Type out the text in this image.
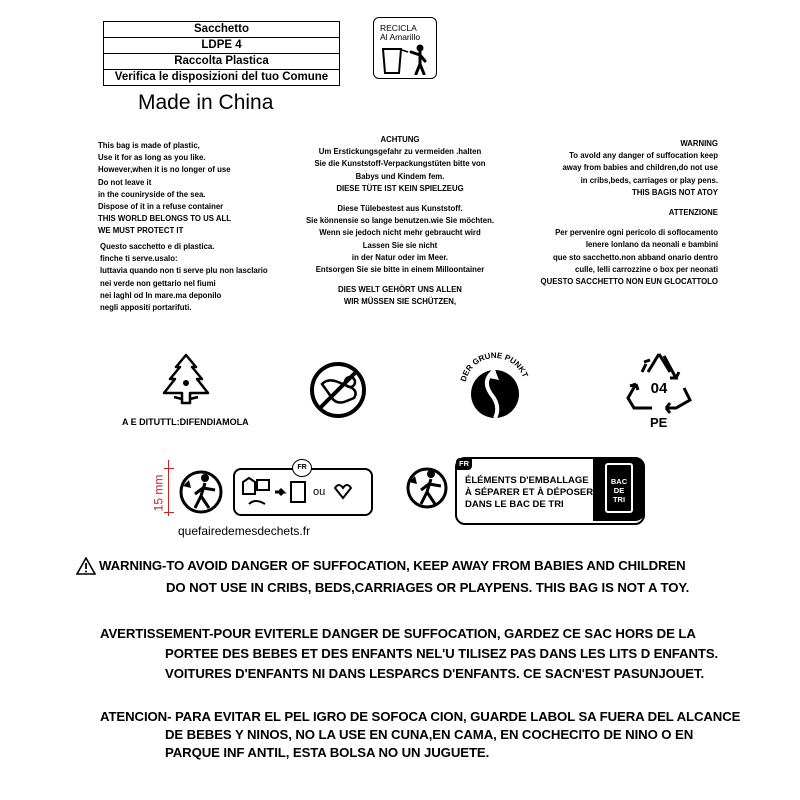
Sacchetto
LDPE 4
Raccolta Plastica
Verifica le disposizioni del tuo Comune
RECICLA
Al Amarillo
Made in China
This bag is made of plastic,
Use it for as long as you like.
However,when it is no longer of use
Do not leave it
in the couniryside of the sea.
Dispose of it in a refuse container
THIS WORLD BELONGS TO US ALL
WE MUST PROTECT IT
Questo sacchetto e di plastica.
finche ti serve.usalo:
luttavia quando non ti serve plu non lasclario
nei verde non gettario nel fiumi
nei laghl od In mare.ma deponilo
negli appositi portarifuti.
ACHTUNG
Um Erstickungsgefahr zu vermeiden .halten
Sie die Kunststoff-Verpackungstüten bitte von
Babys und Kindem fem.
DIESE TÜTE IST KEIN SPIELZEUG
Diese Tülebestest aus Kunststoff.
Sie könnensie so lange benutzen.wie Sie möchten.
Wenn sie jedoch nicht mehr gebraucht wird
Lassen Sie sie nicht
in der Natur oder im Meer.
Entsorgen Sie sie bitte in einem Milloontainer
DIES WELT GEHÖRT UNS ALLEN
WIR MÜSSEN SIE SCHÜTZEN,
WARNING
To avold any danger of suffocation keep
away from babies and children,do not use
in cribs,beds, carriages or play pens.
THIS BAGIS NOT ATOY
ATTENZIONE
Per pervenire ogni pericolo di soflocamento
lenere lonlano da neonali e bambini
que sto sacchetto.non abband onario dentro
culle, lelli carrozzine o box per neonati
QUESTO SACCHETTO NON EUN GLOCATTOLO
A E DITUTTL:DIFENDIAMOLA
DER GRUNE PUNKT
04
PE
15 mm	ou
FR
quefairedemesdechets.fr
FR
ÉLÉMENTS D'EMBALLAGE
À SÉPARER ET À DÉPOSER
DANS LE BAC DE TRI
BAC
DE
TRI
WARNING-TO AVOID DANGER OF SUFFOCATION, KEEP AWAY FROM BABIES AND CHILDREN
DO NOT USE IN CRIBS, BEDS,CARRIAGES OR PLAYPENS. THIS BAG IS NOT A TOY.
AVERTISSEMENT-POUR EVITERLE DANGER DE SUFFOCATION, GARDEZ CE SAC HORS DE LA
PORTEE DES BEBES ET DES ENFANTS NEL'U TILISEZ PAS DANS LES LITS D ENFANTS.
VOITURES D'ENFANTS NI DANS LESPARCS D'ENFANTS. CE SACN'EST PASUNJOUET.
ATENCION- PARA EVITAR EL PEL IGRO DE SOFOCA CION, GUARDE LABOL SA FUERA DEL ALCANCE
DE BEBES Y NINOS, NO LA USE EN CUNA,EN CAMA, EN COCHECITO DE NINO O EN
PARQUE INF ANTIL, ESTA BOLSA NO UN JUGUETE.
